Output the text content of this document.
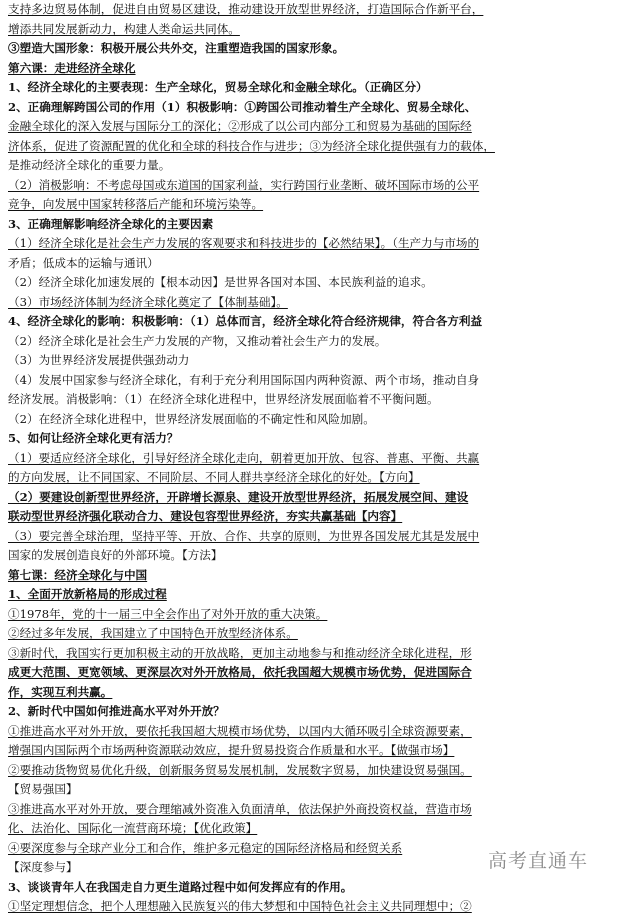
支持多边贸易体制，促进自由贸易区建设，推动建设开放型世界经济，打造国际合作新平台，
增添共同发展新动力，构建人类命运共同体。
③塑造大国形象：积极开展公共外交，注重塑造我国的国家形象。
第六课：走进经济全球化
1、经济全球化的主要表现：生产全球化，贸易全球化和金融全球化。（正确区分）
2、正确理解跨国公司的作用（1）积极影响：①跨国公司推动着生产全球化、贸易全球化、
金融全球化的深入发展与国际分工的深化；②形成了以公司内部分工和贸易为基础的国际经
济体系，促进了资源配置的优化和全球的科技合作与进步；③为经济全球化提供强有力的载体，
是推动经济全球化的重要力量。
（2）消极影响：不考虑母国或东道国的国家利益，实行跨国行业垄断、破坏国际市场的公平
竞争，向发展中国家转移落后产能和环境污染等。
3、正确理解影响经济全球化的主要因素
（1）经济全球化是社会生产力发展的客观要求和科技进步的【必然结果】。（生产力与市场的
矛盾；低成本的运输与通讯）
（2）经济全球化加速发展的【根本动因】是世界各国对本国、本民族利益的追求。
（3）市场经济体制为经济全球化奠定了【体制基础】。
4、经济全球化的影响：积极影响：（1）总体而言，经济全球化符合经济规律，符合各方利益
（2）经济全球化是社会生产力发展的产物，又推动着社会生产力的发展。
（3）为世界经济发展提供强劲动力
（4）发展中国家参与经济全球化，有利于充分利用国际国内两种资源、两个市场，推动自身
经济发展。消极影响：（1）在经济全球化进程中，世界经济发展面临着不平衡问题。
（2）在经济全球化进程中，世界经济发展面临的不确定性和风险加剧。
5、如何让经济全球化更有活力？
（1）要适应经济全球化，引导好经济全球化走向，朝着更加开放、包容、普惠、平衡、共赢
的方向发展，让不同国家、不同阶层、不同人群共享经济全球化的好处。【方向】
（2）要建设创新型世界经济，开辟增长源泉、建设开放型世界经济，拓展发展空间、建设
联动型世界经济强化联动合力、建设包容型世界经济，夯实共赢基础【内容】
（3）要完善全球治理，坚持平等、开放、合作、共享的原则，为世界各国发展尤其是发展中
国家的发展创造良好的外部环境。【方法】
第七课：经济全球化与中国
1、全面开放新格局的形成过程
①1978年，党的十一届三中全会作出了对外开放的重大决策。
②经过多年发展，我国建立了中国特色开放型经济体系。
③新时代，我国实行更加积极主动的开放战略，更加主动地参与和推动经济全球化进程，形
成更大范围、更宽领域、更深层次对外开放格局，依托我国超大规模市场优势，促进国际合
作，实现互利共赢。
2、新时代中国如何推进高水平对外开放？
①推进高水平对外开放，要依托我国超大规模市场优势，以国内大循环吸引全球资源要素，
增强国内国际两个市场两种资源联动效应，提升贸易投资合作质量和水平。【做强市场】
②要推动货物贸易优化升级，创新服务贸易发展机制，发展数字贸易，加快建设贸易强国。
【贸易强国】
③推进高水平对外开放，要合理缩减外资准入负面清单，依法保护外商投资权益，营造市场
化、法治化、国际化一流营商环境；【优化政策】
④要深度参与全球产业分工和合作，维护多元稳定的国际经济格局和经贸关系
【深度参与】
3、谈谈青年人在我国走自力更生道路过程中如何发挥应有的作用。
①坚定理想信念，把个人理想融入民族复兴的伟大梦想和中国特色社会主义共同理想中；②
高考直通车
